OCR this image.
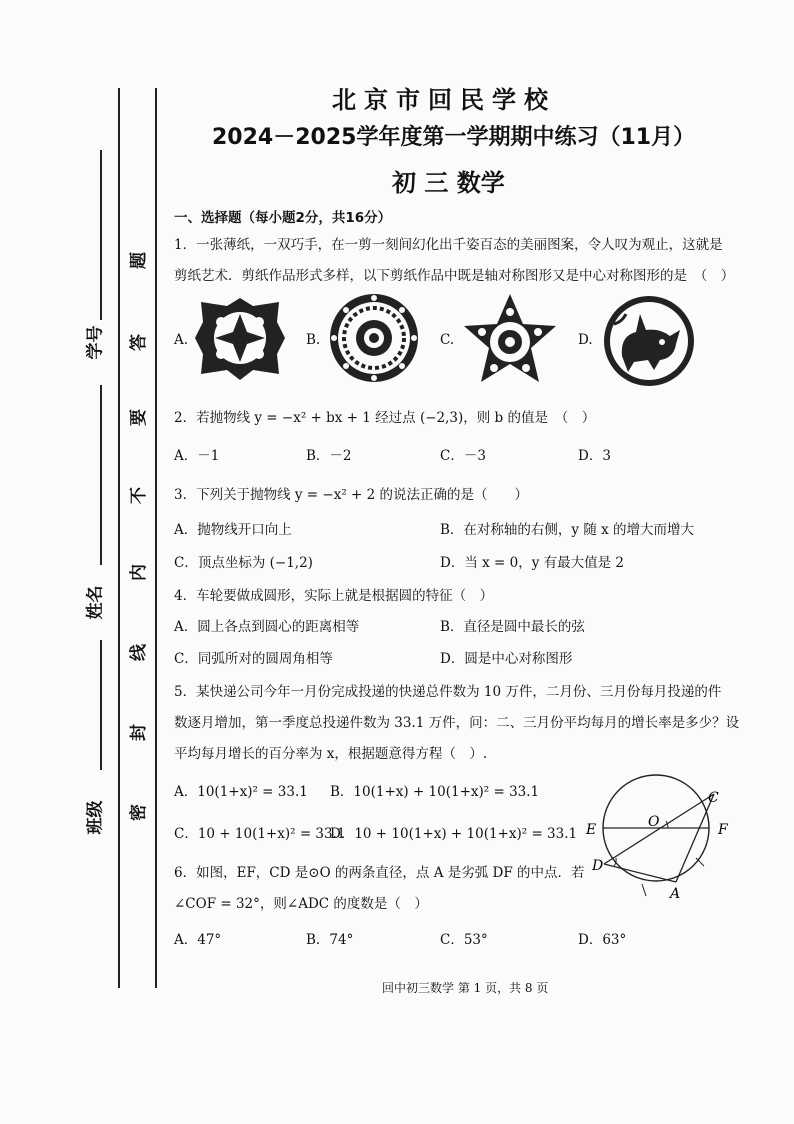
学号
姓名
班级
题
答
要
不
内
线
封
密
北京市回民学校
2024－2025学年度第一学期期中练习（11月）
初 三 数学
一、选择题（每小题2分，共16分）
1．一张薄纸，一双巧手，在一剪一刻间幻化出千姿百态的美丽图案，令人叹为观止，这就是
剪纸艺术．剪纸作品形式多样，以下剪纸作品中既是轴对称图形又是中心对称图形的是　（　）
A.	B.	C.	D.
2．若抛物线 y = −x² + bx + 1 经过点 (−2,3)，则 b 的值是　（　）
A．－1	B．－2	C．－3	D．3
3．下列关于抛物线 y = −x² + 2 的说法正确的是（　　）
A．抛物线开口向上	B．在对称轴的右侧，y 随 x 的增大而增大
C．顶点坐标为 (−1,2)	D．当 x = 0，y 有最大值是 2
4．车轮要做成圆形，实际上就是根据圆的特征（　）
A．圆上各点到圆心的距离相等	B．直径是圆中最长的弦
C．同弧所对的圆周角相等	D．圆是中心对称图形
5．某快递公司今年一月份完成投递的快递总件数为 10 万件，二月份、三月份每月投递的件
数逐月增加，第一季度总投递件数为 33.1 万件，问：二、三月份平均每月的增长率是多少？设
平均每月增长的百分率为 x，根据题意得方程（　）.
A．10(1+x)² = 33.1 B．10(1+x) + 10(1+x)² = 33.1
C．10 + 10(1+x)² = 33.1
D．10 + 10(1+x) + 10(1+x)² = 33.1
6．如图，EF，CD 是⊙O 的两条直径，点 A 是劣弧 DF 的中点．若
∠COF = 32°，则∠ADC 的度数是（　）
A．47°	B．74°	C．53°	D．63°
C
E	O	F
D
A
回中初三数学 第 1 页，共 8 页
